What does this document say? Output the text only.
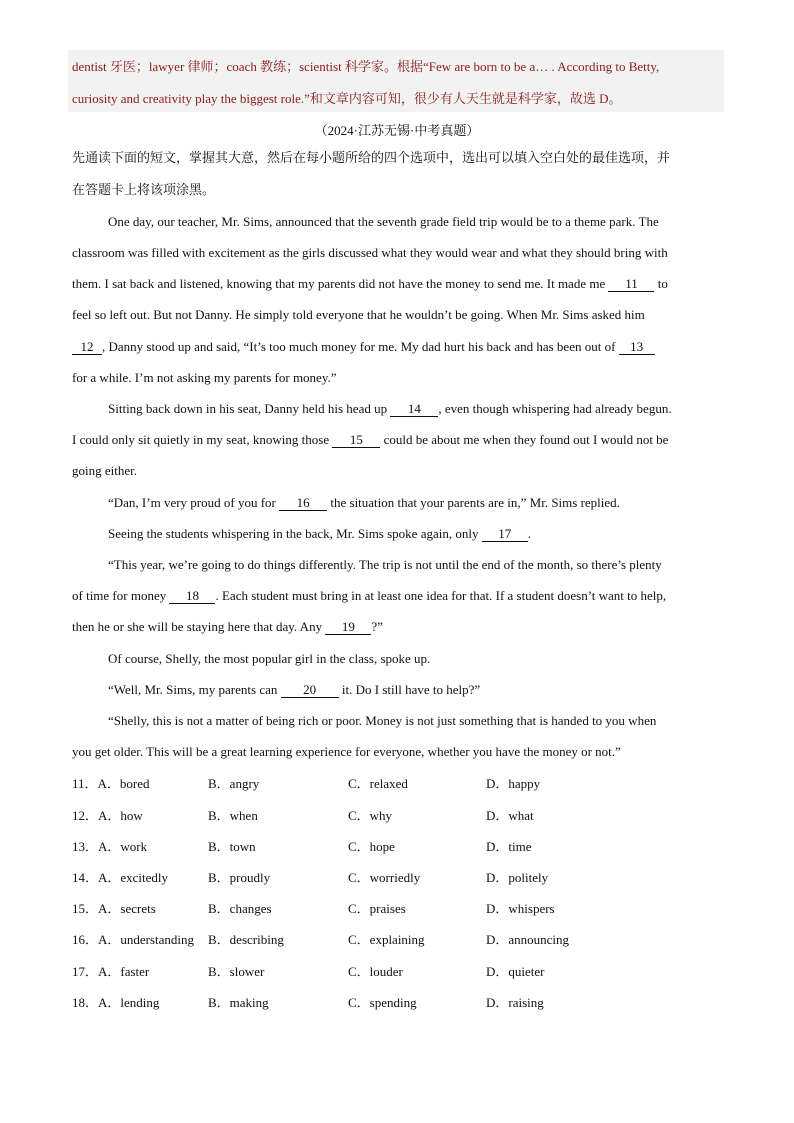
dentist 牙医；lawyer 律师；coach 教练；scientist 科学家。根据“Few are born to be a… . According to Betty,
curiosity and creativity play the biggest role.”和文章内容可知，很少有人天生就是科学家，故选 D。
（2024·江苏无锡·中考真题）
先通读下面的短文，掌握其大意，然后在每小题所给的四个选项中，选出可以填入空白处的最佳选项，并
在答题卡上将该项涂黑。
One day, our teacher, Mr. Sims, announced that the seventh grade field trip would be to a theme park. The
classroom was filled with excitement as the girls discussed what they would wear and what they should bring with
them. I sat back and listened, knowing that my parents did not have the money to send me. It made me 11 to
feel so left out. But not Danny. He simply told everyone that he wouldn’t be going. When Mr. Sims asked him
12 , Danny stood up and said, “It’s too much money for me. My dad hurt his back and has been out of 13
for a while. I’m not asking my parents for money.”
Sitting back down in his seat, Danny held his head up 14 , even though whispering had already begun.
I could only sit quietly in my seat, knowing those 15 could be about me when they found out I would not be
going either.
“Dan, I’m very proud of you for 16 the situation that your parents are in,” Mr. Sims replied.
Seeing the students whispering in the back, Mr. Sims spoke again, only 17 .
“This year, we’re going to do things differently. The trip is not until the end of the month, so there’s plenty
of time for money 18 . Each student must bring in at least one idea for that. If a student doesn’t want to help,
then he or she will be staying here that day. Any 19 ?”
Of course, Shelly, the most popular girl in the class, spoke up.
“Well, Mr. Sims, my parents can 20 it. Do I still have to help?”
“Shelly, this is not a matter of being rich or poor. Money is not just something that is handed to you when
you get older. This will be a great learning experience for everyone, whether you have the money or not.”
11．A．bored	B．angry	C．relaxed	D．happy
12．A．how	B．when	C．why	D．what
13．A．work	B．town	C．hope	D．time
14．A．excitedly	B．proudly	C．worriedly	D．politely
15．A．secrets	B．changes	C．praises	D．whispers
16．A．understanding B．describing	C．explaining	D．announcing
17．A．faster	B．slower	C．louder	D．quieter
18．A．lending	B．making	C．spending	D．raising
